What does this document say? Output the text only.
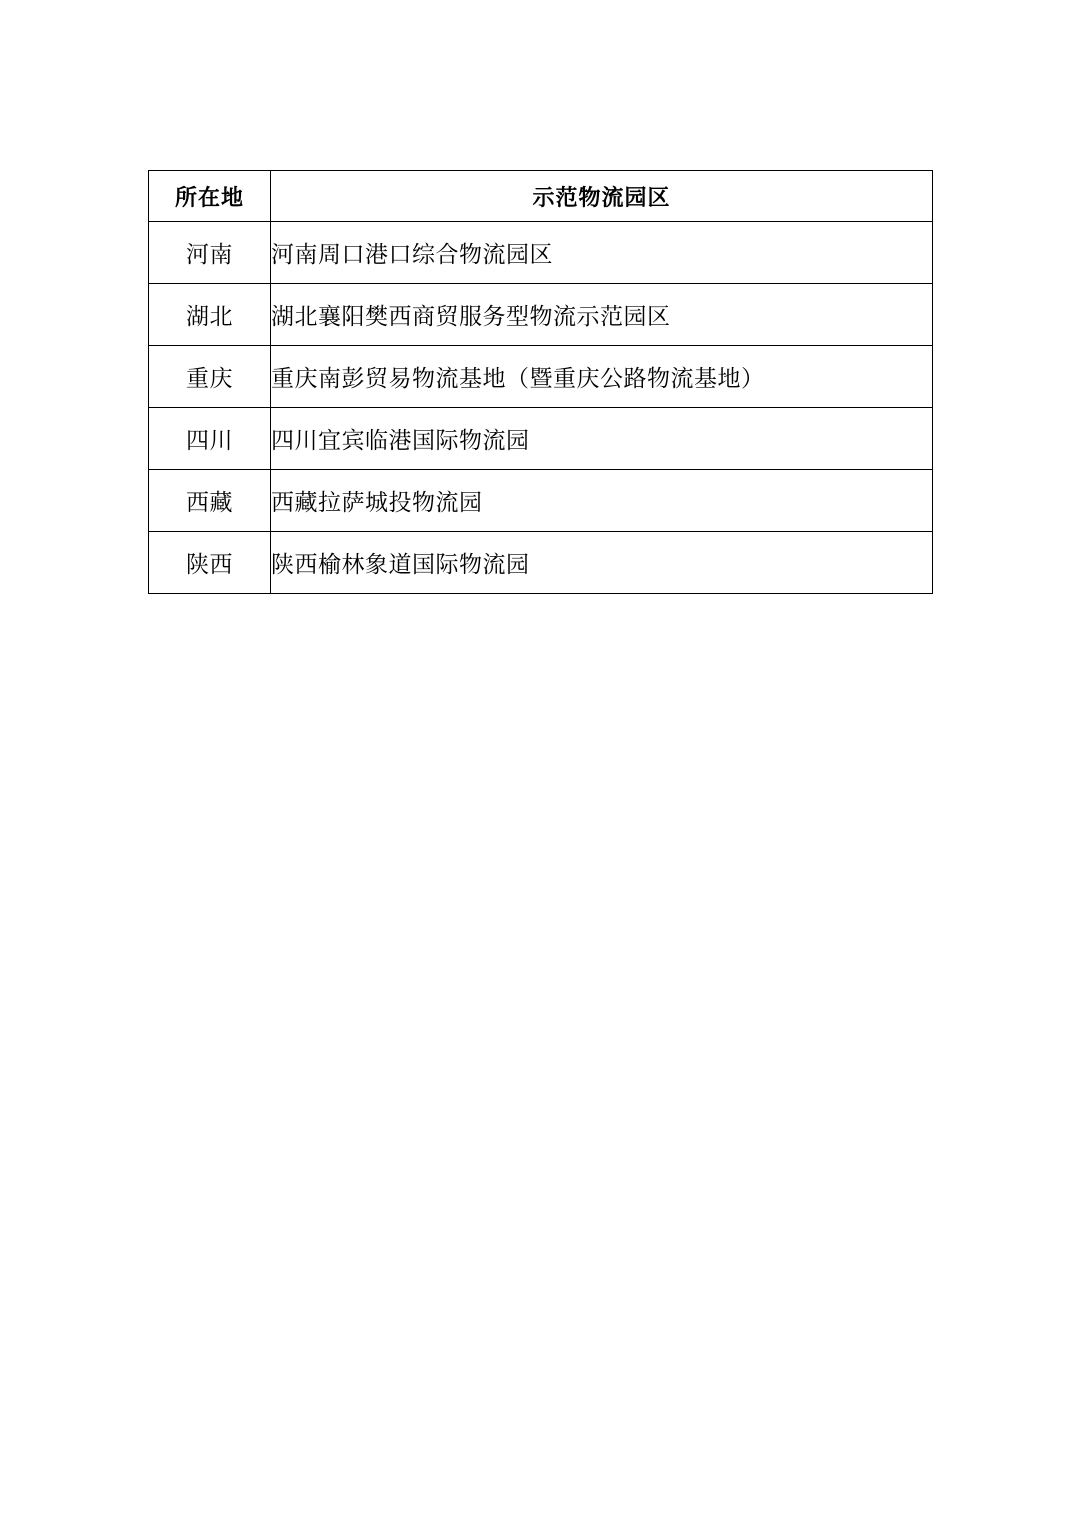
所在地	示范物流园区
河南	河南周口港口综合物流园区
湖北	湖北襄阳樊西商贸服务型物流示范园区
重庆	重庆南彭贸易物流基地（暨重庆公路物流基地）
四川	四川宜宾临港国际物流园
西藏	西藏拉萨城投物流园
陕西	陕西榆林象道国际物流园
